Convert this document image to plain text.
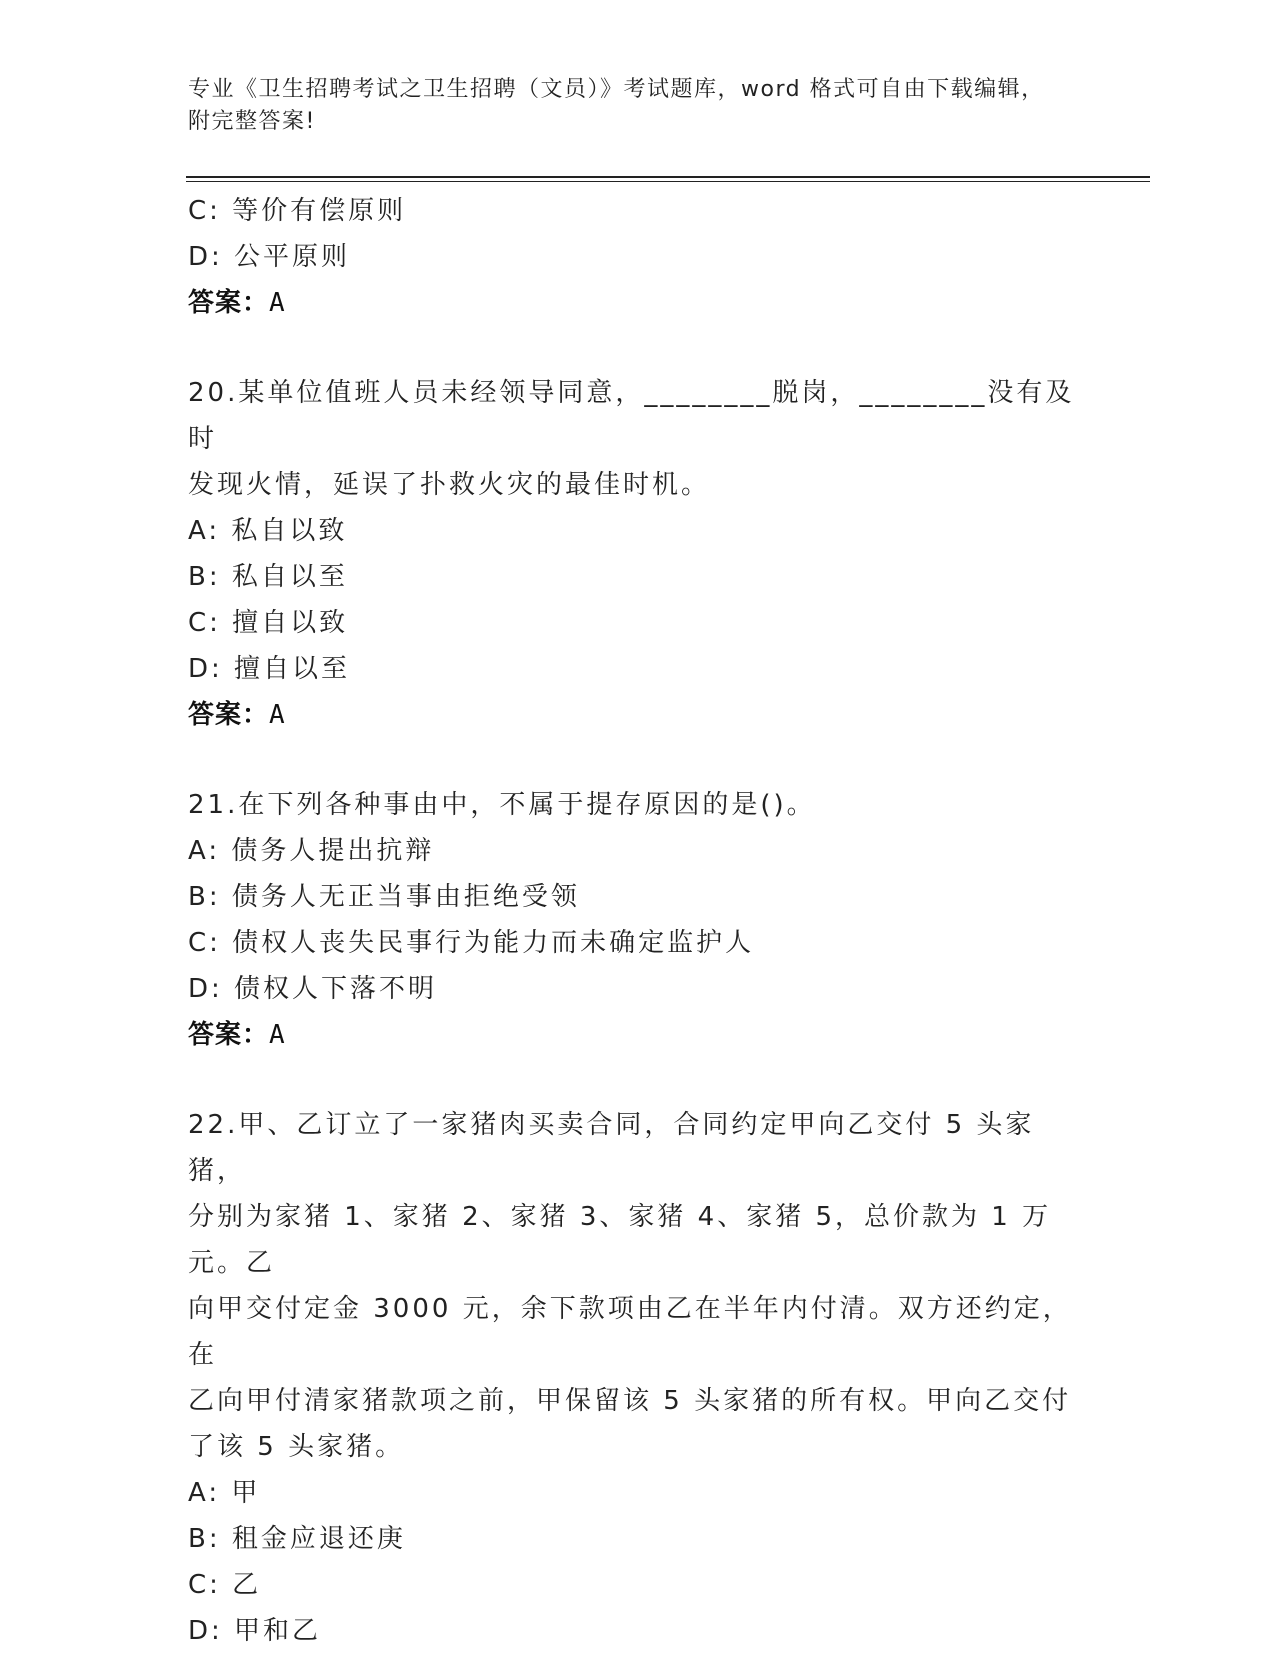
专业《卫生招聘考试之卫生招聘（文员）》考试题库，word 格式可自由下载编辑，附完整答案!
C: 等价有偿原则
D: 公平原则
答案：A
20.某单位值班人员未经领导同意，________脱岗，________没有及时
发现火情，延误了扑救火灾的最佳时机。
A: 私自以致
B: 私自以至
C: 擅自以致
D: 擅自以至
答案：A
21.在下列各种事由中，不属于提存原因的是()。
A: 债务人提出抗辩
B: 债务人无正当事由拒绝受领
C: 债权人丧失民事行为能力而未确定监护人
D: 债权人下落不明
答案：A
22.甲、乙订立了一家猪肉买卖合同，合同约定甲向乙交付 5 头家猪，
分别为家猪 1、家猪 2、家猪 3、家猪 4、家猪 5，总价款为 1 万元。乙
向甲交付定金 3000 元，余下款项由乙在半年内付清。双方还约定，在
乙向甲付清家猪款项之前，甲保留该 5 头家猪的所有权。甲向乙交付
了该 5 头家猪。
A: 甲
B: 租金应退还庚
C: 乙
D: 甲和乙
